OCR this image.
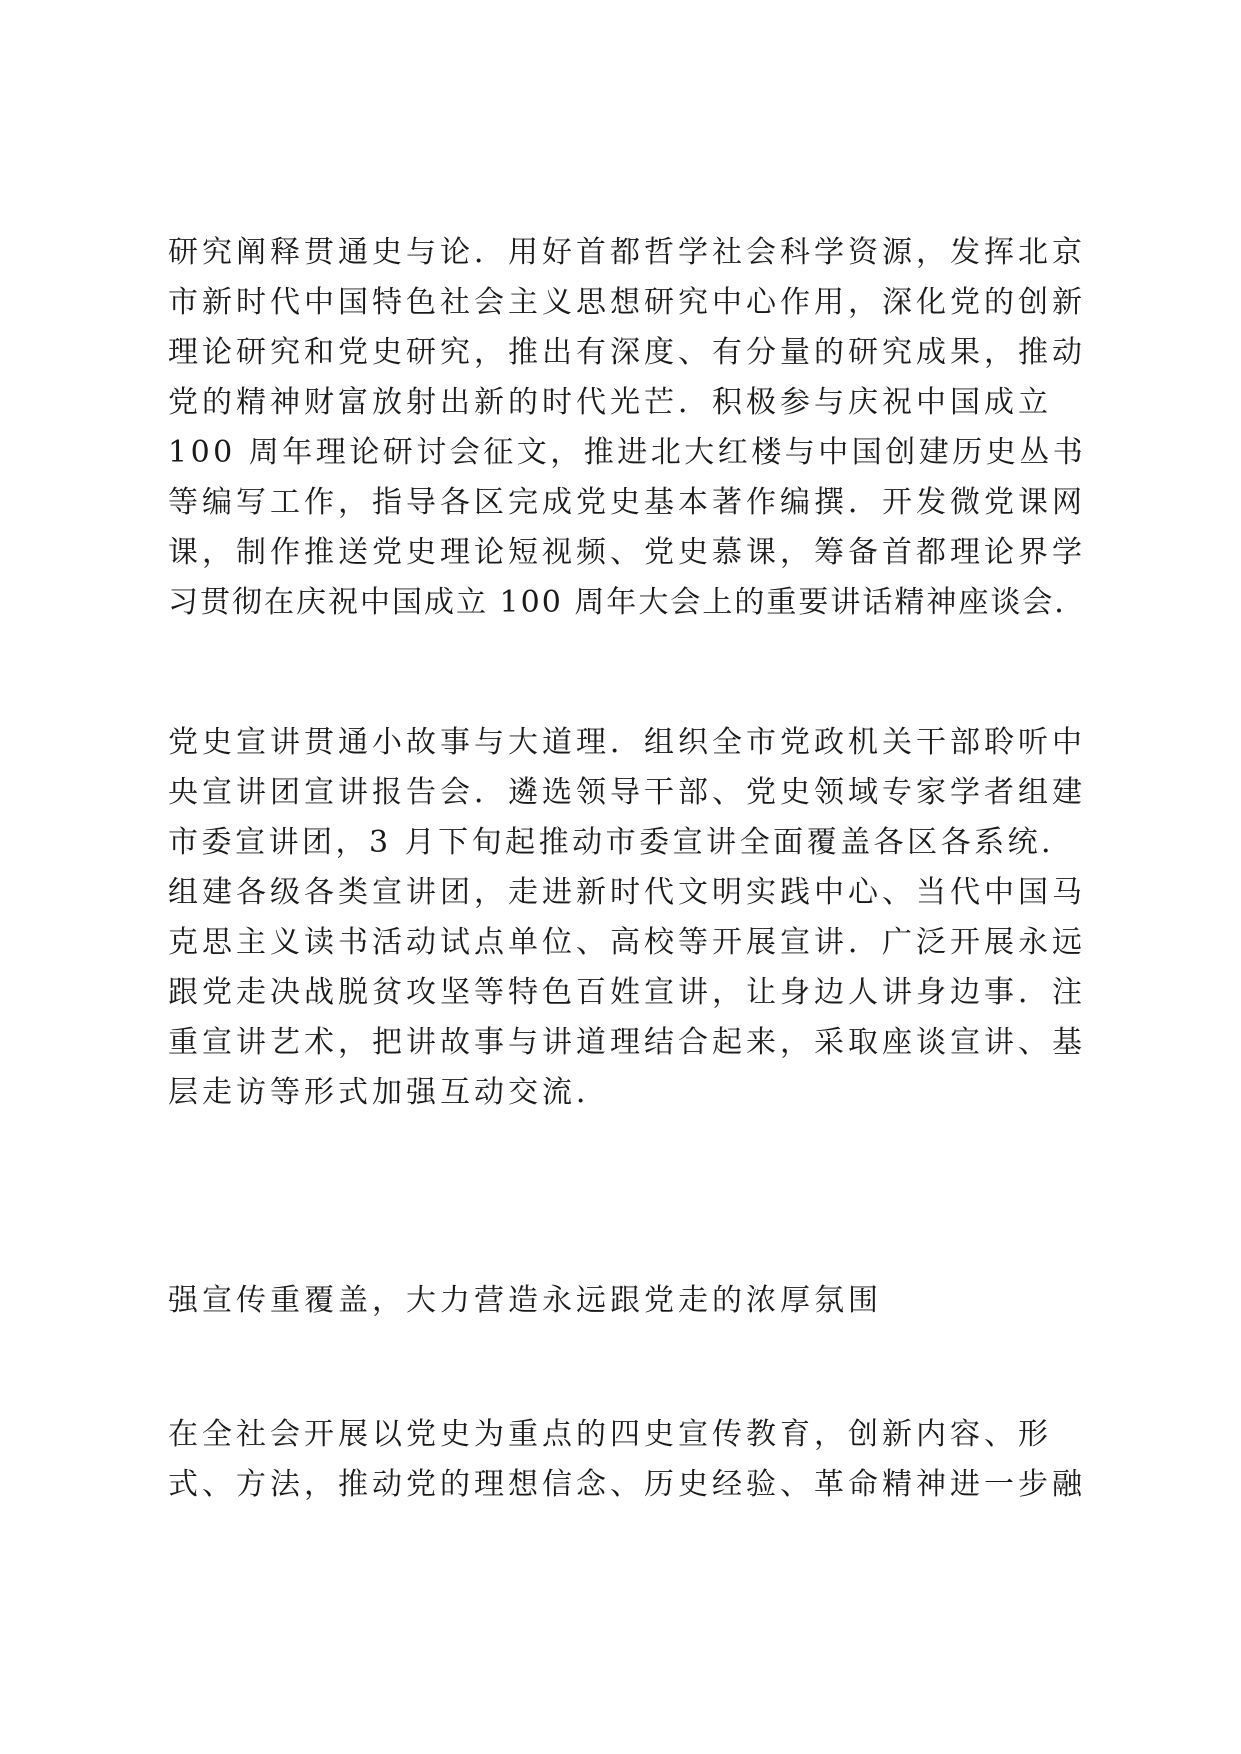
研究阐释贯通史与论．用好首都哲学社会科学资源，发挥北京
市新时代中国特色社会主义思想研究中心作用，深化党的创新
理论研究和党史研究，推出有深度、有分量的研究成果，推动
党的精神财富放射出新的时代光芒．积极参与庆祝中国成立
100 周年理论研讨会征文，推进北大红楼与中国创建历史丛书
等编写工作，指导各区完成党史基本著作编撰．开发微党课网
课，制作推送党史理论短视频、党史慕课，筹备首都理论界学
习贯彻在庆祝中国成立 100 周年大会上的重要讲话精神座谈会．
党史宣讲贯通小故事与大道理．组织全市党政机关干部聆听中
央宣讲团宣讲报告会．遴选领导干部、党史领域专家学者组建
市委宣讲团，3 月下旬起推动市委宣讲全面覆盖各区各系统．
组建各级各类宣讲团，走进新时代文明实践中心、当代中国马
克思主义读书活动试点单位、高校等开展宣讲．广泛开展永远
跟党走决战脱贫攻坚等特色百姓宣讲，让身边人讲身边事．注
重宣讲艺术，把讲故事与讲道理结合起来，采取座谈宣讲、基
层走访等形式加强互动交流．
强宣传重覆盖，大力营造永远跟党走的浓厚氛围
在全社会开展以党史为重点的四史宣传教育，创新内容、形
式、方法，推动党的理想信念、历史经验、革命精神进一步融
